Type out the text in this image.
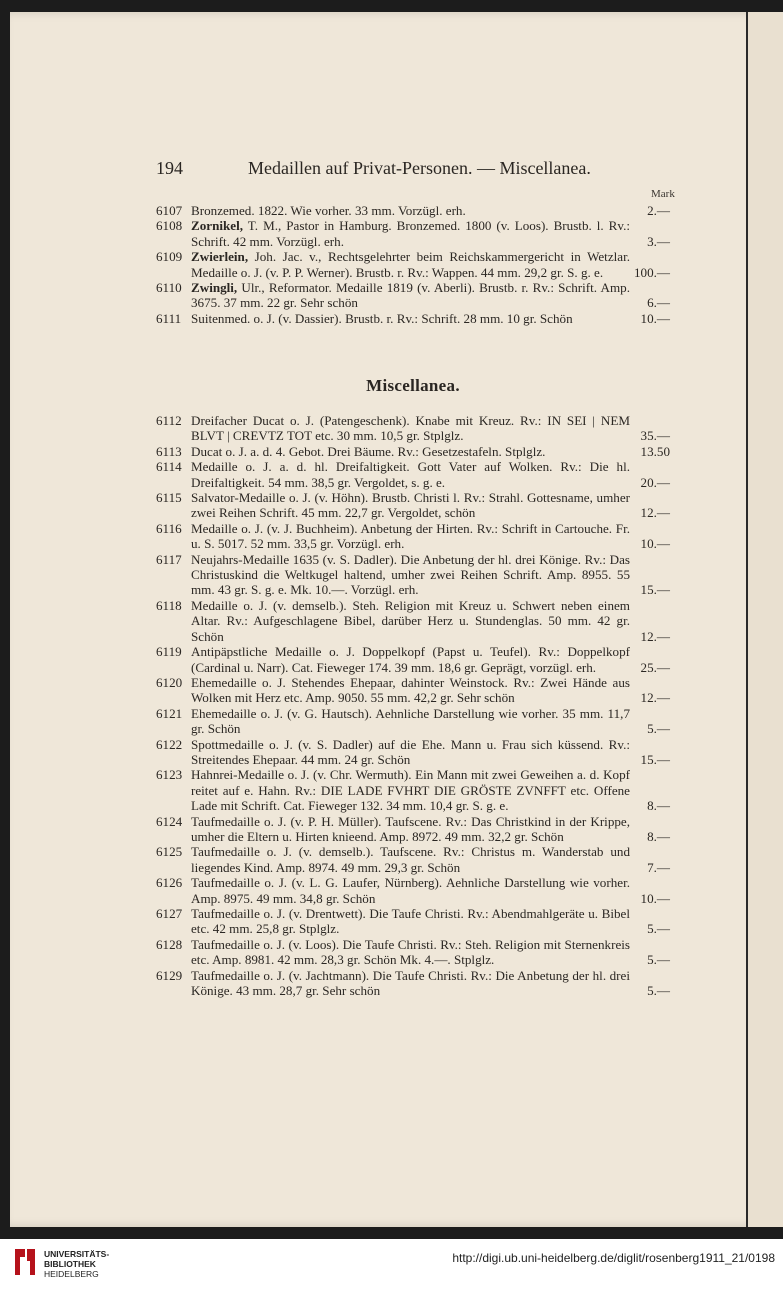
194	Medaillen auf Privat-Personen. — Miscellanea.
Mark
6107 Bronzemed. 1822. Wie vorher. 33 mm. Vorzügl. erh.	2.—
6108 Zornikel, T. M., Pastor in Hamburg. Bronzemed. 1800 (v. Loos). Brustb. l. Rv.: Schrift. 42 mm. Vorzügl. erh.	3.—
6109 Zwierlein, Joh. Jac. v., Rechtsgelehrter beim Reichskammergericht in Wetzlar. Medaille o. J. (v. P. P. Werner). Brustb. r. Rv.: Wappen. 44 mm. 29,2 gr. S. g. e.	100.—
6110 Zwingli, Ulr., Reformator. Medaille 1819 (v. Aberli). Brustb. r. Rv.: Schrift. Amp. 3675. 37 mm. 22 gr. Sehr schön	6.—
6111 Suitenmed. o. J. (v. Dassier). Brustb. r. Rv.: Schrift. 28 mm. 10 gr. Schön	10.—
Miscellanea.
6112 Dreifacher Ducat o. J. (Patengeschenk). Knabe mit Kreuz. Rv.: IN SEI | NEM BLVT | CREVTZ TOT etc. 30 mm. 10,5 gr. Stplglz.	35.—
6113 Ducat o. J. a. d. 4. Gebot. Drei Bäume. Rv.: Gesetzestafeln. Stplglz.	13.50
6114 Medaille o. J. a. d. hl. Dreifaltigkeit. Gott Vater auf Wolken. Rv.: Die hl. Dreifaltigkeit. 54 mm. 38,5 gr. Vergoldet, s. g. e.	20.—
6115 Salvator-Medaille o. J. (v. Höhn). Brustb. Christi l. Rv.: Strahl. Gottesname, umher zwei Reihen Schrift. 45 mm. 22,7 gr. Vergoldet, schön	12.—
6116 Medaille o. J. (v. J. Buchheim). Anbetung der Hirten. Rv.: Schrift in Cartouche. Fr. u. S. 5017. 52 mm. 33,5 gr. Vorzügl. erh.	10.—
6117 Neujahrs-Medaille 1635 (v. S. Dadler). Die Anbetung der hl. drei Könige. Rv.: Das Christuskind die Weltkugel haltend, umher zwei Reihen Schrift. Amp. 8955. 55 mm. 43 gr. S. g. e. Mk. 10.—. Vorzügl. erh.	15.—
6118 Medaille o. J. (v. demselb.). Steh. Religion mit Kreuz u. Schwert neben einem Altar. Rv.: Aufgeschlagene Bibel, darüber Herz u. Stundenglas. 50 mm. 42 gr. Schön	12.—
6119 Antipäpstliche Medaille o. J. Doppelkopf (Papst u. Teufel). Rv.: Doppelkopf (Cardinal u. Narr). Cat. Fieweger 174. 39 mm. 18,6 gr. Geprägt, vorzügl. erh.	25.—
6120 Ehemedaille o. J. Stehendes Ehepaar, dahinter Weinstock. Rv.: Zwei Hände aus Wolken mit Herz etc. Amp. 9050. 55 mm. 42,2 gr. Sehr schön	12.—
6121 Ehemedaille o. J. (v. G. Hautsch). Aehnliche Darstellung wie vorher. 35 mm. 11,7 gr. Schön	5.—
6122 Spottmedaille o. J. (v. S. Dadler) auf die Ehe. Mann u. Frau sich küssend. Rv.: Streitendes Ehepaar. 44 mm. 24 gr. Schön	15.—
6123 Hahnrei-Medaille o. J. (v. Chr. Wermuth). Ein Mann mit zwei Geweihen a. d. Kopf reitet auf e. Hahn. Rv.: DIE LADE FVHRT DIE GRÖSTE ZVNFFT etc. Offene Lade mit Schrift. Cat. Fieweger 132. 34 mm. 10,4 gr. S. g. e.	8.—
6124 Taufmedaille o. J. (v. P. H. Müller). Taufscene. Rv.: Das Christkind in der Krippe, umher die Eltern u. Hirten knieend. Amp. 8972. 49 mm. 32,2 gr. Schön	8.—
6125 Taufmedaille o. J. (v. demselb.). Taufscene. Rv.: Christus m. Wanderstab und liegendes Kind. Amp. 8974. 49 mm. 29,3 gr. Schön	7.—
6126 Taufmedaille o. J. (v. L. G. Laufer, Nürnberg). Aehnliche Darstellung wie vorher. Amp. 8975. 49 mm. 34,8 gr. Schön	10.—
6127 Taufmedaille o. J. (v. Drentwett). Die Taufe Christi. Rv.: Abendmahlgeräte u. Bibel etc. 42 mm. 25,8 gr. Stplglz.	5.—
6128 Taufmedaille o. J. (v. Loos). Die Taufe Christi. Rv.: Steh. Religion mit Sternenkreis etc. Amp. 8981. 42 mm. 28,3 gr. Schön Mk. 4.—. Stplglz.	5.—
6129 Taufmedaille o. J. (v. Jachtmann). Die Taufe Christi. Rv.: Die Anbetung der hl. drei Könige. 43 mm. 28,7 gr. Sehr schön	5.—
UNIVERSITÄTS-
BIBLIOTHEK
HEIDELBERG
http://digi.ub.uni-heidelberg.de/diglit/rosenberg1911_21/0198
